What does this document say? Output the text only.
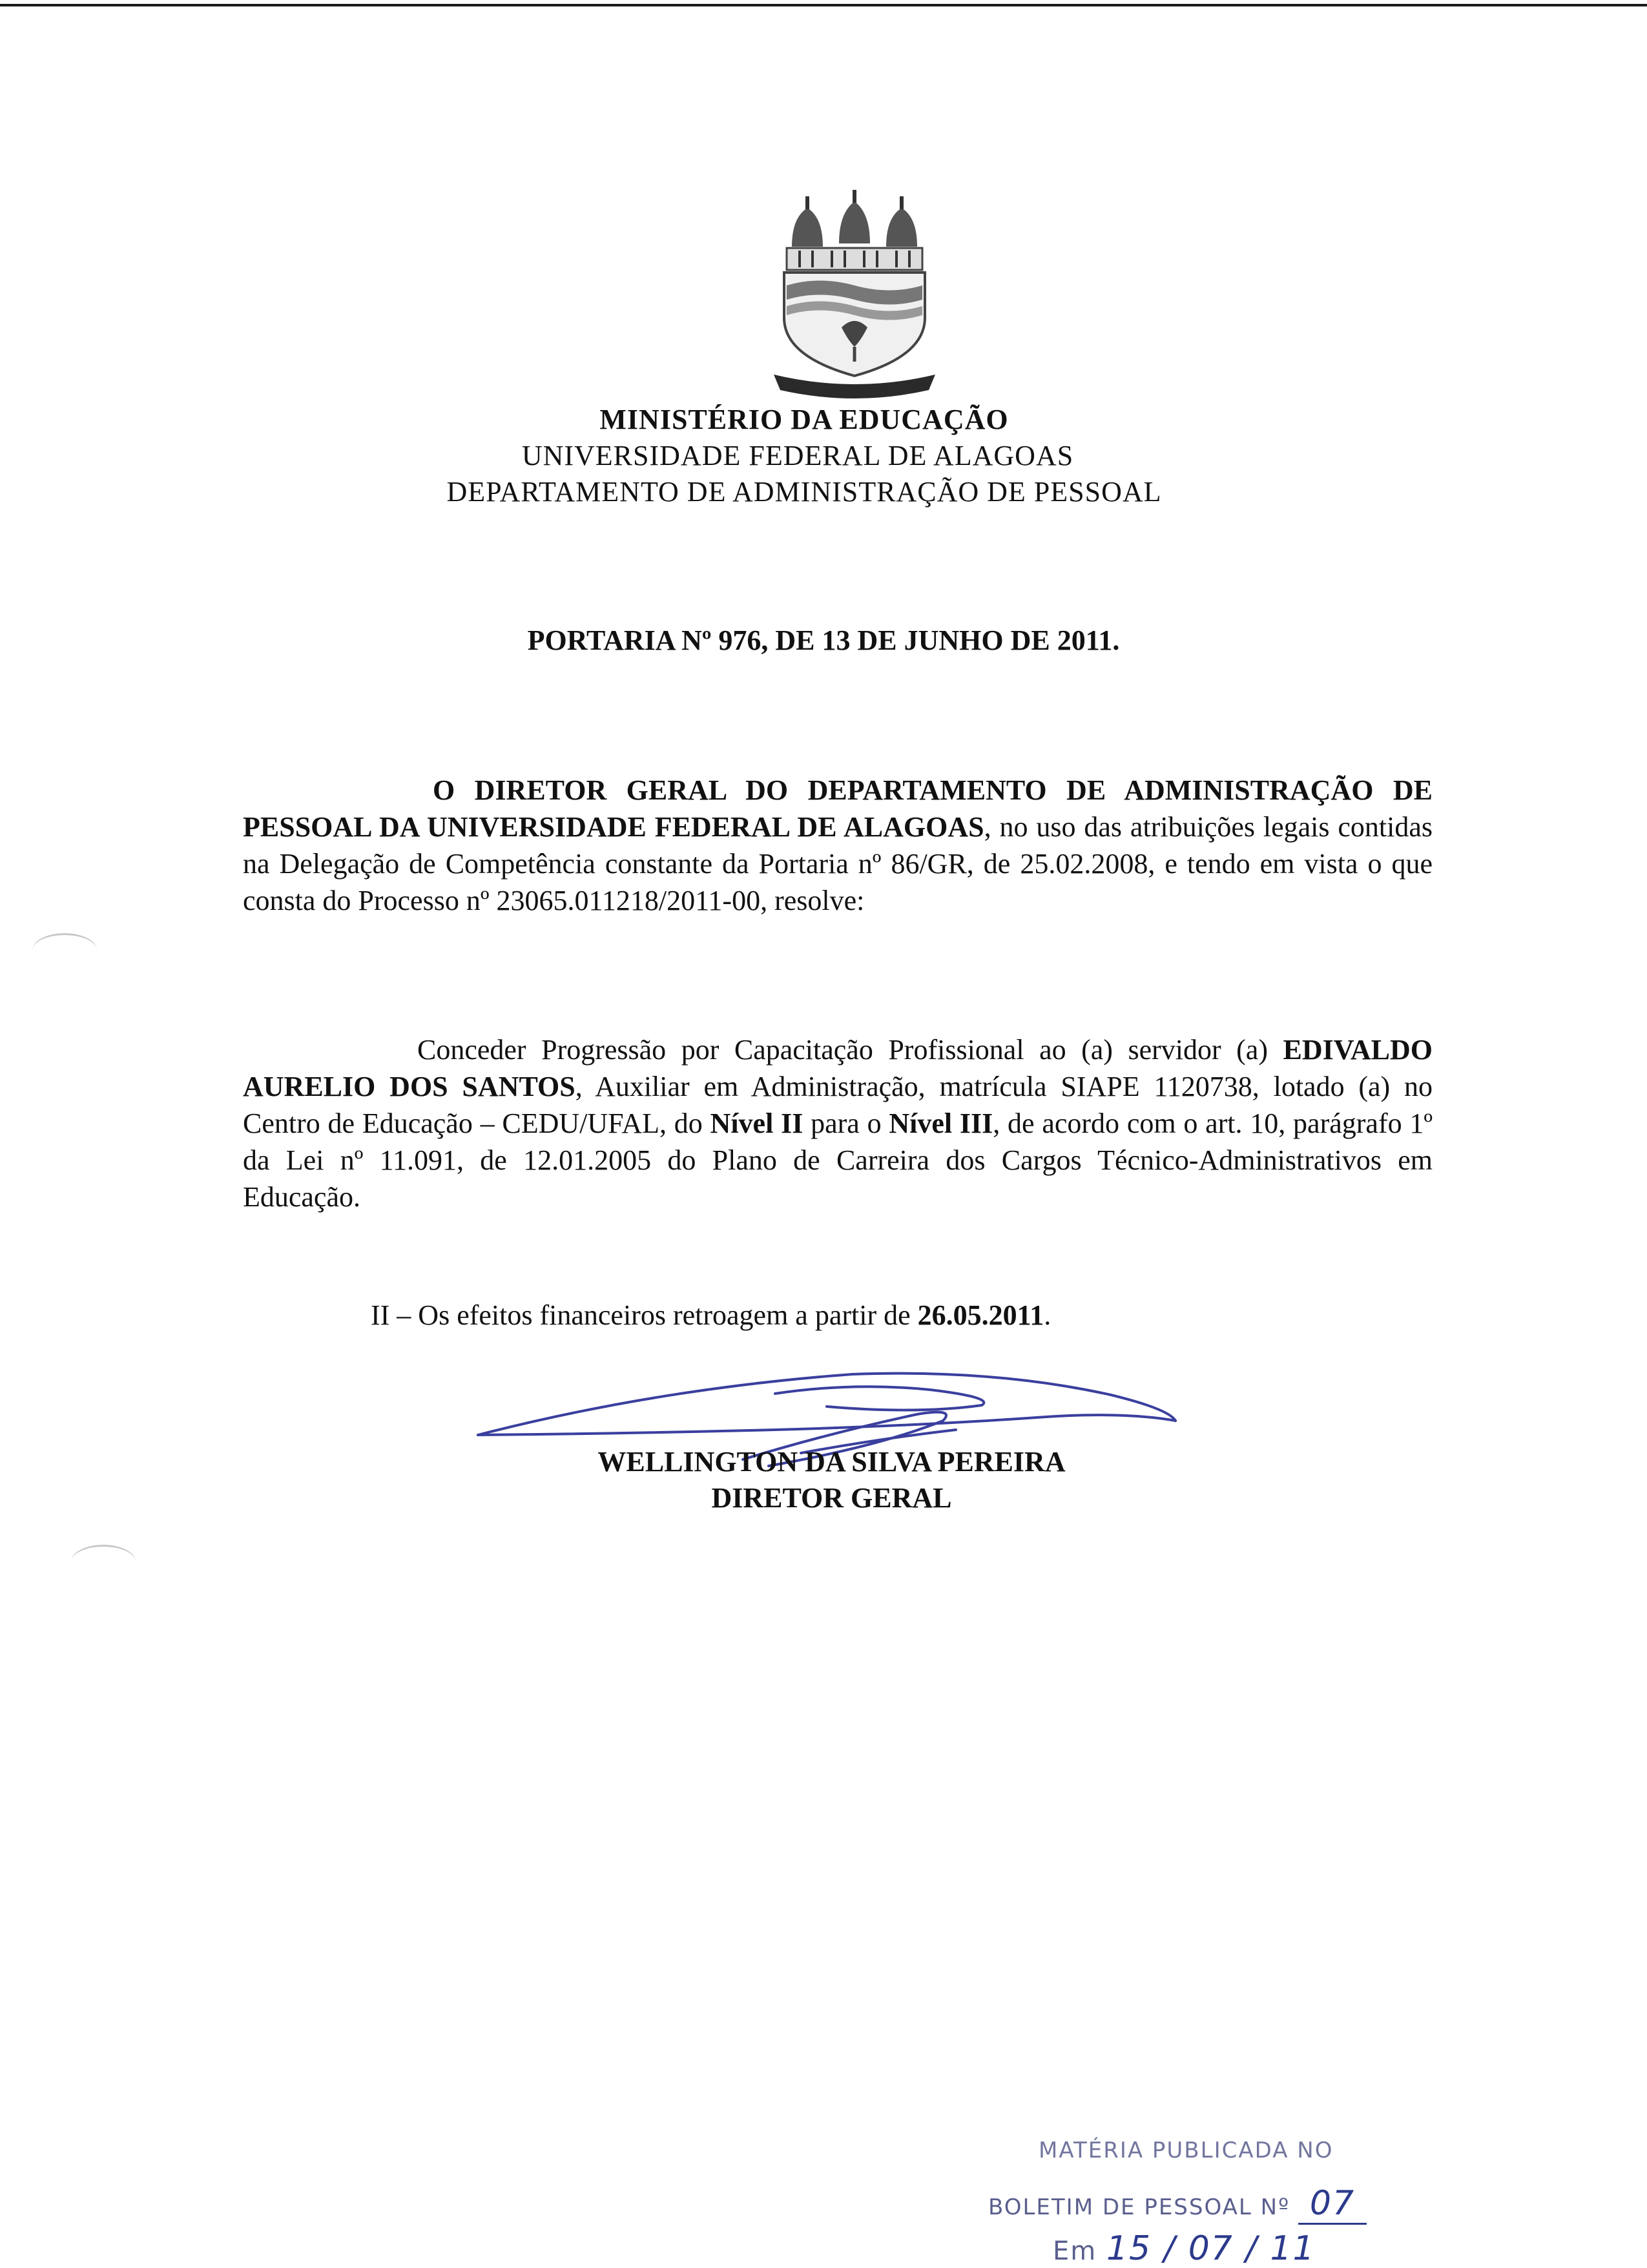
MINISTÉRIO DA EDUCAÇÃO
UNIVERSIDADE FEDERAL DE ALAGOAS
DEPARTAMENTO DE ADMINISTRAÇÃO DE PESSOAL
PORTARIA Nº 976, DE 13 DE JUNHO DE 2011.

O DIRETOR GERAL DO DEPARTAMENTO DE ADMINISTRAÇÃO DE PESSOAL DA UNIVERSIDADE FEDERAL DE ALAGOAS, no uso das atribuições legais contidas na Delegação de Competência constante da Portaria nº 86/GR, de 25.02.2008, e tendo em vista o que consta do Processo nº 23065.011218/2011-00, resolve:

Conceder Progressão por Capacitação Profissional ao (a) servidor (a) EDIVALDO AURELIO DOS SANTOS, Auxiliar em Administração, matrícula SIAPE 1120738, lotado (a) no Centro de Educação – CEDU/UFAL, do Nível II para o Nível III, de acordo com o art. 10, parágrafo 1º da Lei nº 11.091, de 12.01.2005 do Plano de Carreira dos Cargos Técnico-Administrativos em Educação.

II – Os efeitos financeiros retroagem a partir de 26.05.2011.

WELLINGTON DA SILVA PEREIRA
DIRETOR GERAL
MATÉRIA PUBLICADA NO
BOLETIM DE PESSOAL Nº 07
Em 15 / 07 / 11
